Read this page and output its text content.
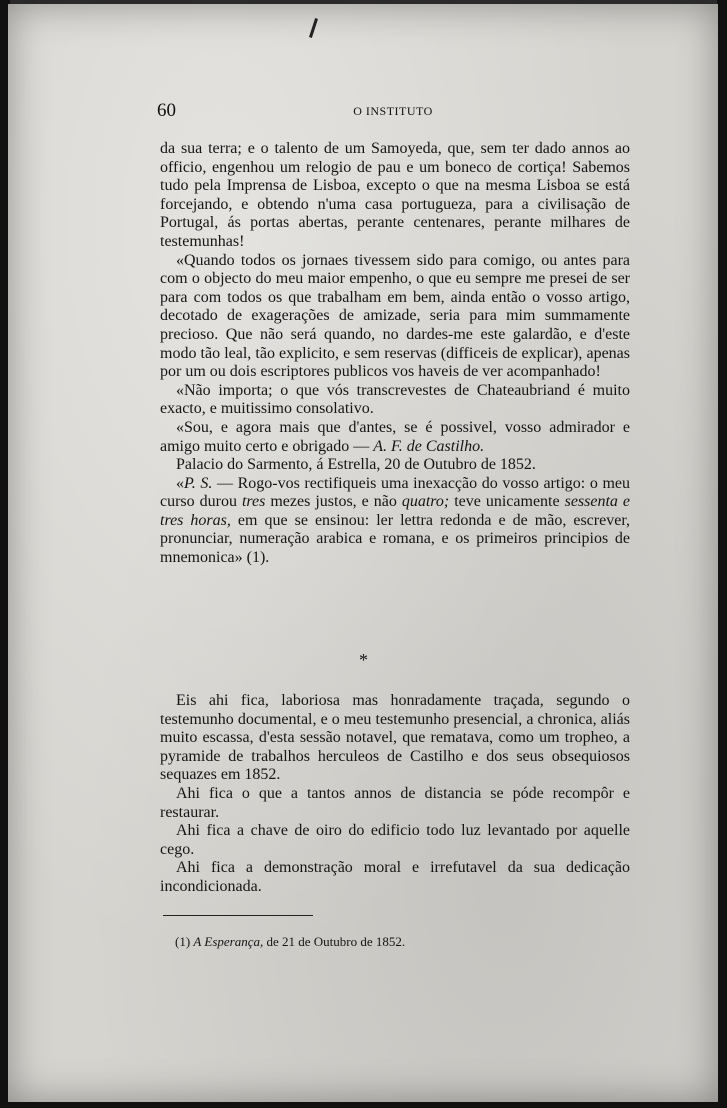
60	O INSTITUTO

da sua terra; e o talento de um Samoyeda, que, sem ter dado annos ao officio, engenhou um relogio de pau e um boneco de cortiça! Sabemos tudo pela Imprensa de Lisboa, excepto o que na mesma Lisboa se está forcejando, e obtendo n'uma casa portugueza, para a civilisação de Portugal, ás portas abertas, perante centenares, perante milhares de testemunhas!

«Quando todos os jornaes tivessem sido para comigo, ou antes para com o objecto do meu maior empenho, o que eu sempre me presei de ser para com todos os que trabalham em bem, ainda então o vosso artigo, decotado de exagerações de amizade, seria para mim summamente precioso. Que não será quando, no dardes-me este galardão, e d'este modo tão leal, tão explicito, e sem reservas (difficeis de explicar), apenas por um ou dois escriptores publicos vos haveis de ver acompanhado!

«Não importa; o que vós transcrevestes de Chateaubriand é muito exacto, e muitissimo consolativo.

«Sou, e agora mais que d'antes, se é possivel, vosso admirador e amigo muito certo e obrigado — A. F. de Castilho.

Palacio do Sarmento, á Estrella, 20 de Outubro de 1852.

«P. S. — Rogo-vos rectifiqueis uma inexacção do vosso artigo: o meu curso durou tres mezes justos, e não quatro; teve unicamente sessenta e tres horas, em que se ensinou: ler lettra redonda e de mão, escrever, pronunciar, numeração arabica e romana, e os primeiros principios de mnemonica» (1).

*

Eis ahi fica, laboriosa mas honradamente traçada, segundo o testemunho documental, e o meu testemunho presencial, a chronica, aliás muito escassa, d'esta sessão notavel, que rematava, como um tropheo, a pyramide de trabalhos herculeos de Castilho e dos seus obsequiosos sequazes em 1852.

Ahi fica o que a tantos annos de distancia se póde recompôr e restaurar.

Ahi fica a chave de oiro do edificio todo luz levantado por aquelle cego.

Ahi fica a demonstração moral e irrefutavel da sua dedicação incondicionada.

(1) A Esperança, de 21 de Outubro de 1852.
